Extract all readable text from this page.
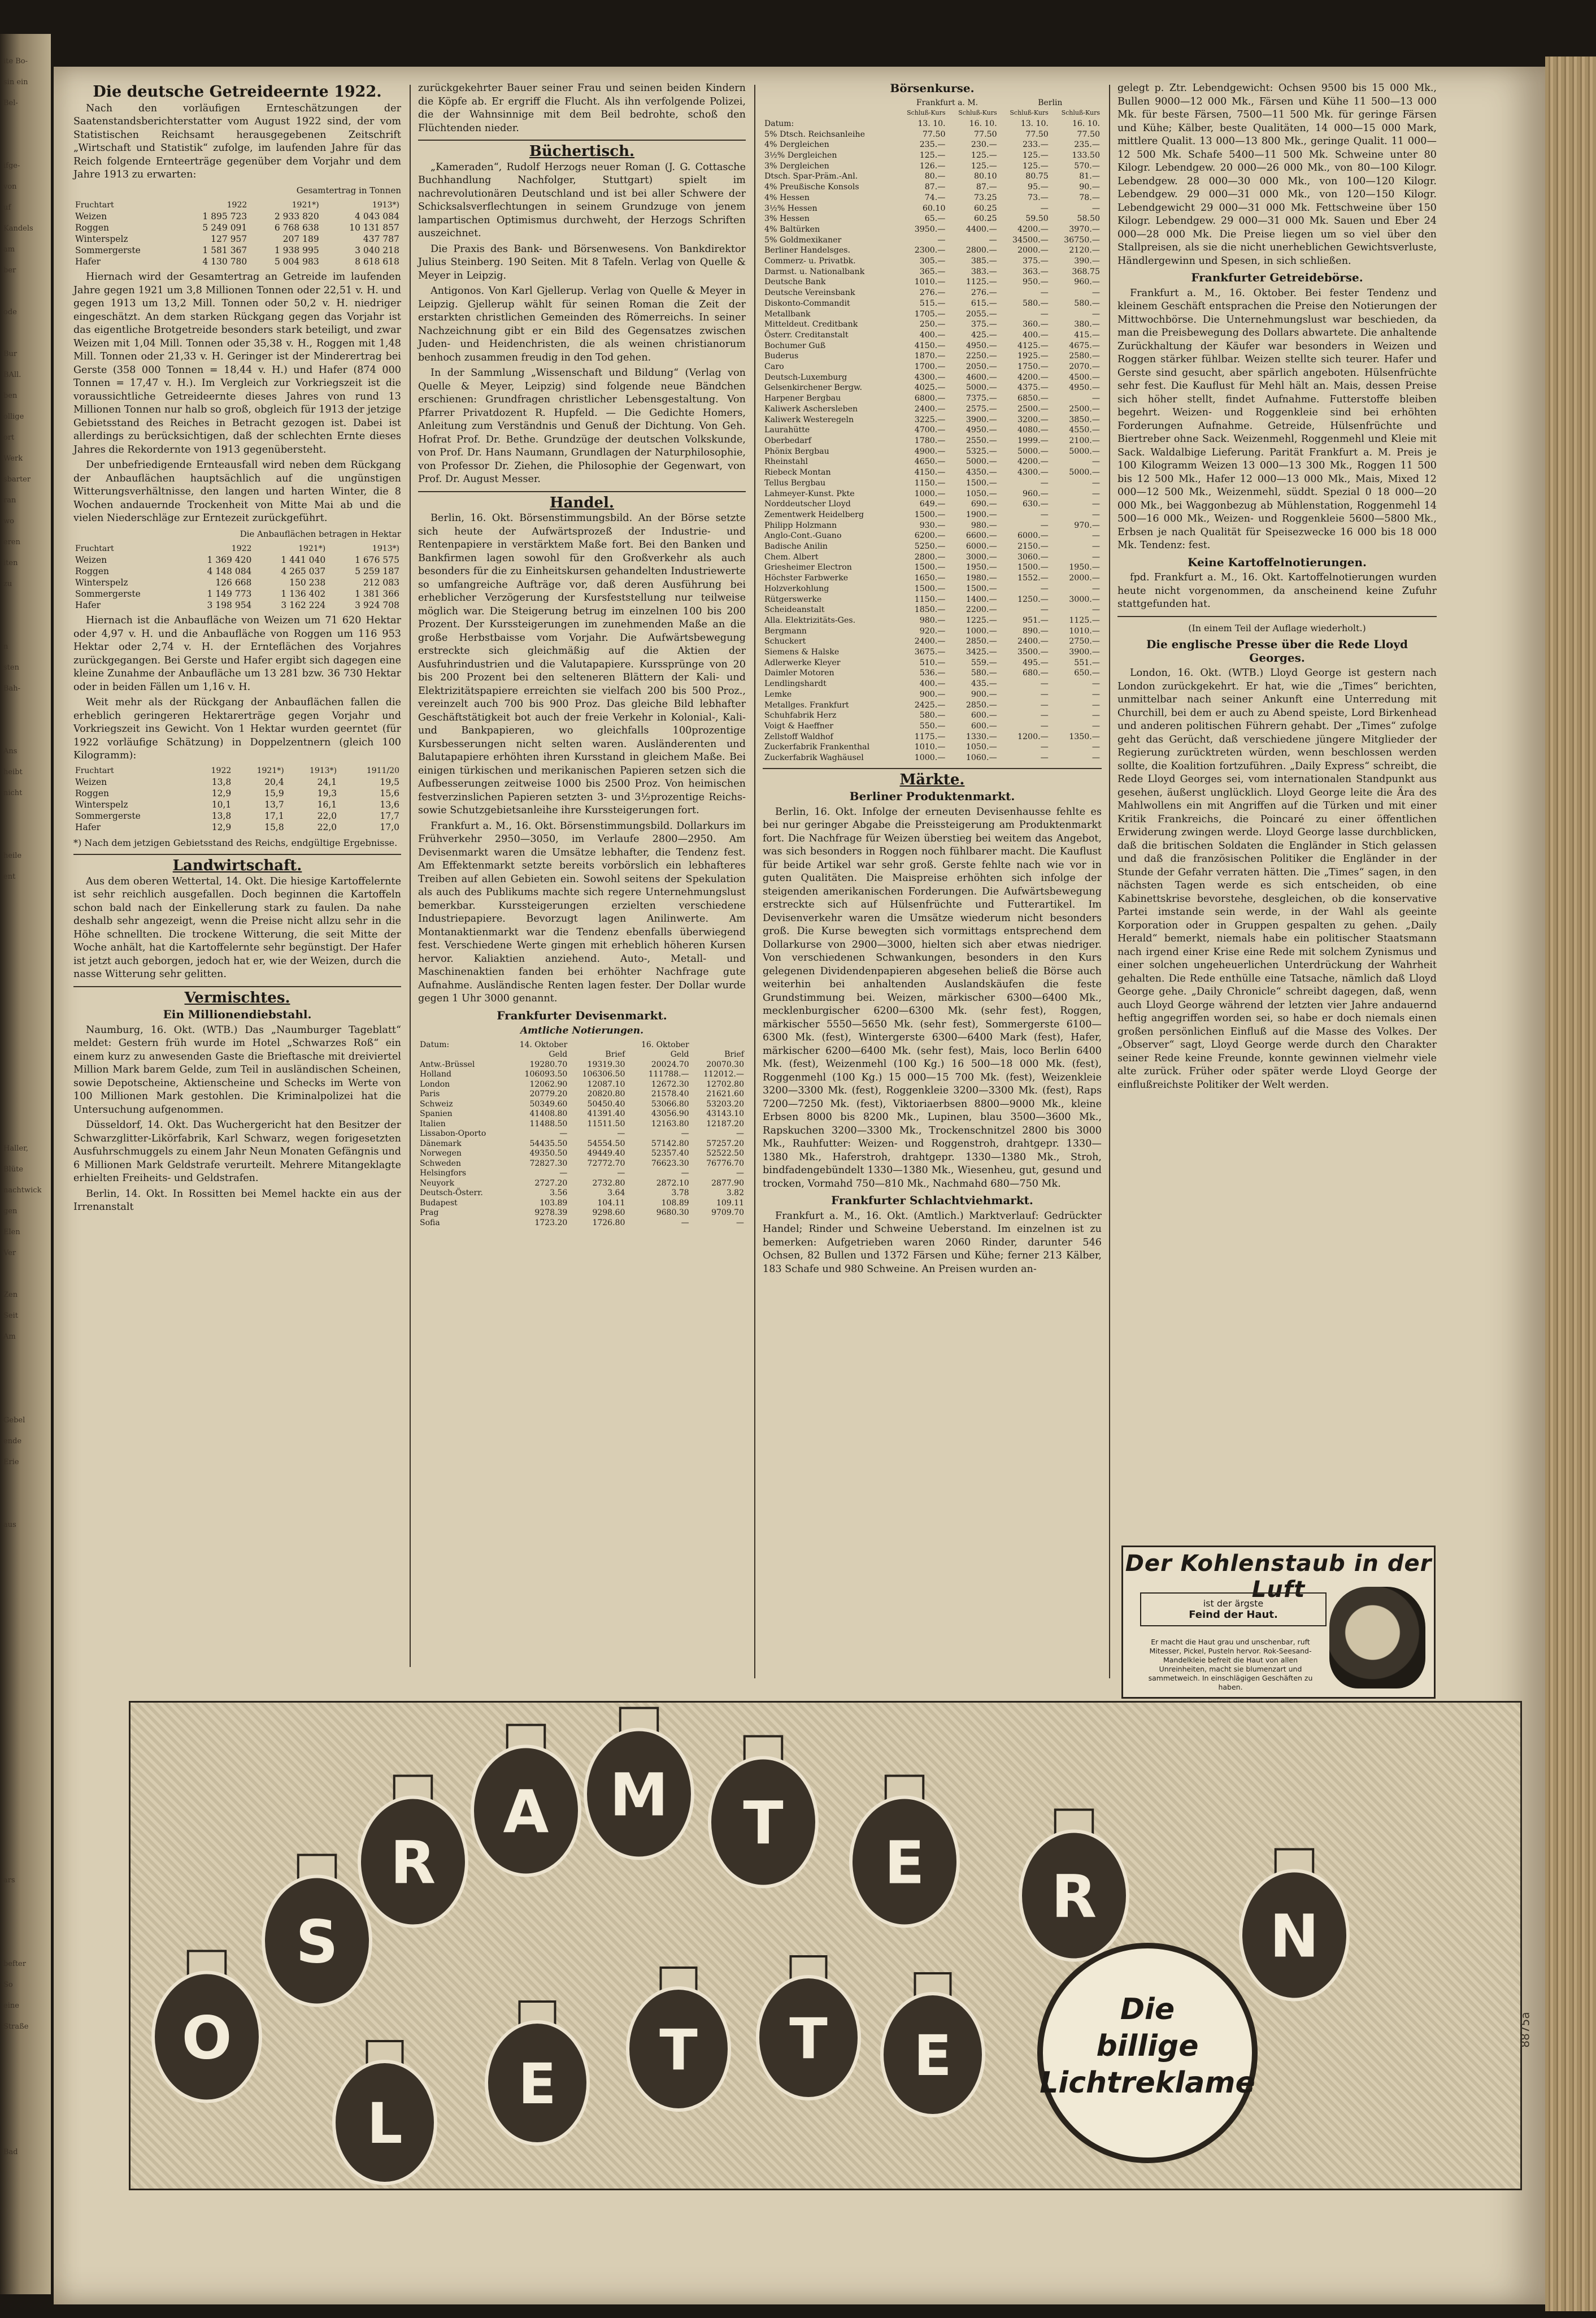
ite Bo-
sin ein
Bel-
ifge-
von
uf
Kandels
am
ber
ode
Bur
BAll.
ben
ollige
ort
Werk
sbarter
ran
wo
eren
iten
zu
n
sten
Bah-
Ans
heibt
nicht
heile
ent
Haller,
Blüte
nachtwick
gen
Elen
Ver
Zen
Seit
Am
Gebel
ende
Erie
aus
ars
befter
So
eine
Straße
Bad
Die deutsche Getreideernte 1922.

Nach den vorläufigen Ernteschätzungen der Saatenstandsberichterstatter vom August 1922 sind, der vom Statistischen Reichsamt herausgegebenen Zeitschrift „Wirtschaft und Statistik“ zufolge, im laufenden Jahre für das Reich folgende Ernteerträge gegenüber dem Vorjahr und dem Jahre 1913 zu erwarten:

Gesamtertrag in Tonnen
Fruchtart	1922	1921*)	1913*)
Weizen	1 895 723	2 933 820	4 043 084
Roggen	5 249 091	6 768 638	10 131 857
Winterspelz	127 957	207 189	437 787
Sommergerste	1 581 367	1 938 995	3 040 218
Hafer	4 130 780	5 004 983	8 618 618

Hiernach wird der Gesamtertrag an Getreide im laufenden Jahre gegen 1921 um 3,8 Millionen Tonnen oder 22,51 v. H. und gegen 1913 um 13,2 Mill. Tonnen oder 50,2 v. H. niedriger eingeschätzt. An dem starken Rückgang gegen das Vorjahr ist das eigentliche Brotgetreide besonders stark beteiligt, und zwar Weizen mit 1,04 Mill. Tonnen oder 35,38 v. H., Roggen mit 1,48 Mill. Tonnen oder 21,33 v. H. Geringer ist der Minderertrag bei Gerste (358 000 Tonnen = 18,44 v. H.) und Hafer (874 000 Tonnen = 17,47 v. H.). Im Vergleich zur Vorkriegszeit ist die voraussichtliche Getreideernte dieses Jahres von rund 13 Millionen Tonnen nur halb so groß, obgleich für 1913 der jetzige Gebietsstand des Reiches in Betracht gezogen ist. Dabei ist allerdings zu berücksichtigen, daß der schlechten Ernte dieses Jahres die Rekordernte von 1913 gegenübersteht.

Der unbefriedigende Ernteausfall wird neben dem Rückgang der Anbauflächen hauptsächlich auf die ungünstigen Witterungsverhältnisse, den langen und harten Winter, die 8 Wochen andauernde Trockenheit von Mitte Mai ab und die vielen Niederschläge zur Erntezeit zurückgeführt.

Die Anbauflächen betragen in Hektar
Fruchtart	1922	1921*)	1913*)
Weizen	1 369 420	1 441 040	1 676 575
Roggen	4 148 084	4 265 037	5 259 187
Winterspelz	126 668	150 238	212 083
Sommergerste	1 149 773	1 136 402	1 381 366
Hafer	3 198 954	3 162 224	3 924 708

Hiernach ist die Anbaufläche von Weizen um 71 620 Hektar oder 4,97 v. H. und die Anbaufläche von Roggen um 116 953 Hektar oder 2,74 v. H. der Ernteflächen des Vorjahres zurückgegangen. Bei Gerste und Hafer ergibt sich dagegen eine kleine Zunahme der Anbaufläche um 13 281 bzw. 36 730 Hektar oder in beiden Fällen um 1,16 v. H.

Weit mehr als der Rückgang der Anbauflächen fallen die erheblich geringeren Hektarerträge gegen Vorjahr und Vorkriegszeit ins Gewicht. Von 1 Hektar wurden geerntet (für 1922 vorläufige Schätzung) in Doppelzentnern (gleich 100 Kilogramm):

Fruchtart	1922	1921*)	1913*)	1911/20
Weizen	13,8	20,4	24,1	19,5
Roggen	12,9	15,9	19,3	15,6
Winterspelz	10,1	13,7	16,1	13,6
Sommergerste	13,8	17,1	22,0	17,7
Hafer	12,9	15,8	22,0	17,0
*) Nach dem jetzigen Gebietsstand des Reichs, endgültige Ergebnisse.
Landwirtschaft.

Aus dem oberen Wettertal, 14. Okt. Die hiesige Kartoffelernte ist sehr reichlich ausgefallen. Doch beginnen die Kartoffeln schon bald nach der Einkellerung stark zu faulen. Da nahe deshalb sehr angezeigt, wenn die Preise nicht allzu sehr in die Höhe schnellten. Die trockene Witterung, die seit Mitte der Woche anhält, hat die Kartoffelernte sehr begünstigt. Der Hafer ist jetzt auch geborgen, jedoch hat er, wie der Weizen, durch die nasse Witterung sehr gelitten.

Vermischtes.
Ein Millionendiebstahl.

Naumburg, 16. Okt. (WTB.) Das „Naumburger Tageblatt“ meldet: Gestern früh wurde im Hotel „Schwarzes Roß“ ein einem kurz zu anwesenden Gaste die Brieftasche mit dreiviertel Million Mark barem Gelde, zum Teil in ausländischen Scheinen, sowie Depotscheine, Aktienscheine und Schecks im Werte von 100 Millionen Mark gestohlen. Die Kriminalpolizei hat die Untersuchung aufgenommen.

Düsseldorf, 14. Okt. Das Wuchergericht hat den Besitzer der Schwarzglitter-Likörfabrik, Karl Schwarz, wegen forigesetzten Ausfuhrschmuggels zu einem Jahr Neun Monaten Gefängnis und 6 Millionen Mark Geldstrafe verurteilt. Mehrere Mitangeklagte erhielten Freiheits- und Geldstrafen.

Berlin, 14. Okt. In Rossitten bei Memel hackte ein aus der Irrenanstalt

zurückgekehrter Bauer seiner Frau und seinen beiden Kindern die Köpfe ab. Er ergriff die Flucht. Als ihn verfolgende Polizei, die der Wahnsinnige mit dem Beil bedrohte, schoß den Flüchtenden nieder.

Büchertisch.

„Kameraden“, Rudolf Herzogs neuer Roman (J. G. Cottasche Buchhandlung Nachfolger, Stuttgart) spielt im nachrevolutionären Deutschland und ist bei aller Schwere der Schicksalsverflechtungen in seinem Grundzuge von jenem lampartischen Optimismus durchweht, der Herzogs Schriften auszeichnet.

Die Praxis des Bank- und Börsenwesens. Von Bankdirektor Julius Steinberg. 190 Seiten. Mit 8 Tafeln. Verlag von Quelle & Meyer in Leipzig.

Antigonos. Von Karl Gjellerup. Verlag von Quelle & Meyer in Leipzig. Gjellerup wählt für seinen Roman die Zeit der erstarkten christlichen Gemeinden des Römerreichs. In seiner Nachzeichnung gibt er ein Bild des Gegensatzes zwischen Juden- und Heidenchristen, die als weinen christianorum benhoch zusammen freudig in den Tod gehen.

In der Sammlung „Wissenschaft und Bildung“ (Verlag von Quelle & Meyer, Leipzig) sind folgende neue Bändchen erschienen: Grundfragen christlicher Lebensgestaltung. Von Pfarrer Privatdozent R. Hupfeld. — Die Gedichte Homers, Anleitung zum Verständnis und Genuß der Dichtung. Von Geh. Hofrat Prof. Dr. Bethe. Grundzüge der deutschen Volkskunde, von Prof. Dr. Hans Naumann, Grundlagen der Naturphilosophie, von Professor Dr. Ziehen, die Philosophie der Gegenwart, von Prof. Dr. August Messer.

Handel.

Berlin, 16. Okt. Börsenstimmungsbild. An der Börse setzte sich heute der Aufwärtsprozeß der Industrie- und Rentenpapiere in verstärktem Maße fort. Bei den Banken und Bankfirmen lagen sowohl für den Großverkehr als auch besonders für die zu Einheitskursen gehandelten Industriewerte so umfangreiche Aufträge vor, daß deren Ausführung bei erheblicher Verzögerung der Kursfeststellung nur teilweise möglich war. Die Steigerung betrug im einzelnen 100 bis 200 Prozent. Der Kurssteigerungen im zunehmenden Maße an die große Herbstbaisse vom Vorjahr. Die Aufwärtsbewegung erstreckte sich gleichmäßig auf die Aktien der Ausfuhrindustrien und die Valutapapiere. Kurssprünge von 20 bis 200 Prozent bei den selteneren Blättern der Kali- und Elektrizitätspapiere erreichten sie vielfach 200 bis 500 Proz., vereinzelt auch 700 bis 900 Proz. Das gleiche Bild lebhafter Geschäftstätigkeit bot auch der freie Verkehr in Kolonial-, Kali- und Bankpapieren, wo gleichfalls 100prozentige Kursbesserungen nicht selten waren. Ausländerenten und Balutapapiere erhöhten ihren Kursstand in gleichem Maße. Bei einigen türkischen und merikanischen Papieren setzen sich die Aufbesserungen zeitweise 1000 bis 2500 Proz. Von heimischen festverzinslichen Papieren setzten 3- und 3½prozentige Reichs- sowie Schutzgebietsanleihe ihre Kurssteigerungen fort.

Frankfurt a. M., 16. Okt. Börsenstimmungsbild. Dollarkurs im Frühverkehr 2950—3050, im Verlaufe 2800—2950. Am Devisenmarkt waren die Umsätze lebhafter, die Tendenz fest. Am Effektenmarkt setzte bereits vorbörslich ein lebhafteres Treiben auf allen Gebieten ein. Sowohl seitens der Spekulation als auch des Publikums machte sich regere Unternehmungslust bemerkbar. Kurssteigerungen erzielten verschiedene Industriepapiere. Bevorzugt lagen Anilinwerte. Am Montanaktienmarkt war die Tendenz ebenfalls überwiegend fest. Verschiedene Werte gingen mit erheblich höheren Kursen hervor. Kaliaktien anziehend. Auto-, Metall- und Maschinenaktien fanden bei erhöhter Nachfrage gute Aufnahme. Ausländische Renten lagen fester. Der Dollar wurde gegen 1 Uhr 3000 genannt.

Frankfurter Devisenmarkt.
Amtliche Notierungen.
Datum:	14. Oktober		16. Oktober	
	Geld	Brief	Geld	Brief
Antw.-Brüssel	19280.70	19319.30	20024.70	20070.30
Holland	106093.50	106306.50	111788.—	112012.—
London	12062.90	12087.10	12672.30	12702.80
Paris	20779.20	20820.80	21578.40	21621.60
Schweiz	50349.60	50450.40	53066.80	53203.20
Spanien	41408.80	41391.40	43056.90	43143.10
Italien	11488.50	11511.50	12163.80	12187.20
Lissabon-Oporto	—	—	—	—
Dänemark	54435.50	54554.50	57142.80	57257.20
Norwegen	49350.50	49449.40	52357.40	52522.50
Schweden	72827.30	72772.70	76623.30	76776.70
Helsingfors	—	—	—	—
Neuyork	2727.20	2732.80	2872.10	2877.90
Deutsch-Österr.	3.56	3.64	3.78	3.82
Budapest	103.89	104.11	108.89	109.11
Prag	9278.39	9298.60	9680.30	9709.70
Sofia	1723.20	1726.80	—	—
Börsenkurse.
	Frankfurt a. M.		Berlin	
	Schluß-Kurs	Schluß-Kurs	Schluß-Kurs	Schluß-Kurs
Datum:	13. 10.	16. 10.	13. 10.	16. 10.
5% Dtsch. Reichsanleihe	77.50	77.50	77.50	77.50
4% Dergleichen	235.—	230.—	233.—	235.—
3½% Dergleichen	125.—	125.—	125.—	133.50
3% Dergleichen	126.—	125.—	125.—	570.—
Dtsch. Spar-Präm.-Anl.	80.—	80.10	80.75	81.—
4% Preußische Konsols	87.—	87.—	95.—	90.—
4% Hessen	74.—	73.25	73.—	78.—
3½% Hessen	60.10	60.25	—	—
3% Hessen	65.—	60.25	59.50	58.50
4% Baltürken	3950.—	4400.—	4200.—	3970.—
5% Goldmexikaner	—	—	34500.—	36750.—
Berliner Handelsges.	2300.—	2800.—	2000.—	2120.—
Commerz- u. Privatbk.	305.—	385.—	375.—	390.—
Darmst. u. Nationalbank	365.—	383.—	363.—	368.75
Deutsche Bank	1010.—	1125.—	950.—	960.—
Deutsche Vereinsbank	276.—	276.—	—	—
Diskonto-Commandit	515.—	615.—	580.—	580.—
Metallbank	1705.—	2055.—	—	—
Mitteldeut. Creditbank	250.—	375.—	360.—	380.—
Österr. Creditanstalt	400.—	425.—	400.—	415.—
Bochumer Guß	4150.—	4950.—	4125.—	4675.—
Buderus	1870.—	2250.—	1925.—	2580.—
Caro	1700.—	2050.—	1750.—	2070.—
Deutsch-Luxemburg	4300.—	4600.—	4200.—	4500.—
Gelsenkirchener Bergw.	4025.—	5000.—	4375.—	4950.—
Harpener Bergbau	6800.—	7375.—	6850.—	—
Kaliwerk Aschersleben	2400.—	2575.—	2500.—	2500.—
Kaliwerk Westeregeln	3225.—	3900.—	3200.—	3850.—
Laurahütte	4700.—	4950.—	4080.—	4550.—
Oberbedarf	1780.—	2550.—	1999.—	2100.—
Phönix Bergbau	4900.—	5325.—	5000.—	5000.—
Rheinstahl	4650.—	5000.—	4200.—	—
Riebeck Montan	4150.—	4350.—	4300.—	5000.—
Tellus Bergbau	1150.—	1500.—	—	—
Lahmeyer-Kunst. Pkte	1000.—	1050.—	960.—	—
Norddeutscher Lloyd	649.—	690.—	630.—	—
Zementwerk Heidelberg	1500.—	1900.—	—	—
Philipp Holzmann	930.—	980.—	—	970.—
Anglo-Cont.-Guano	6200.—	6600.—	6000.—	—
Badische Anilin	5250.—	6000.—	2150.—	—
Chem. Albert	2800.—	3000.—	3060.—	—
Griesheimer Electron	1500.—	1950.—	1500.—	1950.—
Höchster Farbwerke	1650.—	1980.—	1552.—	2000.—
Holzverkohlung	1500.—	1500.—	—	—
Rütgerswerke	1150.—	1400.—	1250.—	3000.—
Scheideanstalt	1850.—	2200.—	—	—
Alla. Elektrizitäts-Ges.	980.—	1225.—	951.—	1125.—
Bergmann	920.—	1000.—	890.—	1010.—
Schuckert	2400.—	2850.—	2400.—	2750.—
Siemens & Halske	3675.—	3425.—	3500.—	3900.—
Adlerwerke Kleyer	510.—	559.—	495.—	551.—
Daimler Motoren	536.—	580.—	680.—	650.—
Lendlingshardt	400.—	435.—	—	—
Lemke	900.—	900.—	—	—
Metallges. Frankfurt	2425.—	2850.—	—	—
Schuhfabrik Herz	580.—	600.—	—	—
Voigt & Haeffner	550.—	600.—	—	—
Zellstoff Waldhof	1175.—	1330.—	1200.—	1350.—
Zuckerfabrik Frankenthal	1010.—	1050.—	—	—
Zuckerfabrik Waghäusel	1000.—	1060.—	—	—
Märkte.
Berliner Produktenmarkt.

Berlin, 16. Okt. Infolge der erneuten Devisenhausse fehlte es bei nur geringer Abgabe die Preissteigerung am Produktenmarkt fort. Die Nachfrage für Weizen überstieg bei weitem das Angebot, was sich besonders in Roggen noch fühlbarer macht. Die Kauflust für beide Artikel war sehr groß. Gerste fehlte nach wie vor in guten Qualitäten. Die Maispreise erhöhten sich infolge der steigenden amerikanischen Forderungen. Die Aufwärtsbewegung erstreckte sich auf Hülsenfrüchte und Futterartikel. Im Devisenverkehr waren die Umsätze wiederum nicht besonders groß. Die Kurse bewegten sich vormittags entsprechend dem Dollarkurse von 2900—3000, hielten sich aber etwas niedriger. Von verschiedenen Schwankungen, besonders in den Kurs gelegenen Dividendenpapieren abgesehen beließ die Börse auch weiterhin bei anhaltenden Auslandskäufen die feste Grundstimmung bei. Weizen, märkischer 6300—6400 Mk., mecklenburgischer 6200—6300 Mk. (sehr fest), Roggen, märkischer 5550—5650 Mk. (sehr fest), Sommergerste 6100—6300 Mk. (fest), Wintergerste 6300—6400 Mark (fest), Hafer, märkischer 6200—6400 Mk. (sehr fest), Mais, loco Berlin 6400 Mk. (fest), Weizenmehl (100 Kg.) 16 500—18 000 Mk. (fest), Roggenmehl (100 Kg.) 15 000—15 700 Mk. (fest), Weizenkleie 3200—3300 Mk. (fest), Roggenkleie 3200—3300 Mk. (fest), Raps 7200—7250 Mk. (fest), Viktoriaerbsen 8800—9000 Mk., kleine Erbsen 8000 bis 8200 Mk., Lupinen, blau 3500—3600 Mk., Rapskuchen 3200—3300 Mk., Trockenschnitzel 2800 bis 3000 Mk., Rauhfutter: Weizen- und Roggenstroh, drahtgepr. 1330—1380 Mk., Haferstroh, drahtgepr. 1330—1380 Mk., Stroh, bindfadengebündelt 1330—1380 Mk., Wiesenheu, gut, gesund und trocken, Vormahd 750—810 Mk., Nachmahd 680—750 Mk.

Frankfurter Schlachtviehmarkt.

Frankfurt a. M., 16. Okt. (Amtlich.) Marktverlauf: Gedrückter Handel; Rinder und Schweine Ueberstand. Im einzelnen ist zu bemerken: Aufgetrieben waren 2060 Rinder, darunter 546 Ochsen, 82 Bullen und 1372 Färsen und Kühe; ferner 213 Kälber, 183 Schafe und 980 Schweine. An Preisen wurden an-

gelegt p. Ztr. Lebendgewicht: Ochsen 9500 bis 15 000 Mk., Bullen 9000—12 000 Mk., Färsen und Kühe 11 500—13 000 Mk. für beste Färsen, 7500—11 500 Mk. für geringe Färsen und Kühe; Kälber, beste Qualitäten, 14 000—15 000 Mark, mittlere Qualit. 13 000—13 800 Mk., geringe Qualit. 11 000—12 500 Mk. Schafe 5400—11 500 Mk. Schweine unter 80 Kilogr. Lebendgew. 20 000—26 000 Mk., von 80—100 Kilogr. Lebendgew. 28 000—30 000 Mk., von 100—120 Kilogr. Lebendgew. 29 000—31 000 Mk., von 120—150 Kilogr. Lebendgewicht 29 000—31 000 Mk. Fettschweine über 150 Kilogr. Lebendgew. 29 000—31 000 Mk. Sauen und Eber 24 000—28 000 Mk. Die Preise liegen um so viel über den Stallpreisen, als sie die nicht unerheblichen Gewichtsverluste, Händlergewinn und Spesen, in sich schließen.

Frankfurter Getreidebörse.

Frankfurt a. M., 16. Oktober. Bei fester Tendenz und kleinem Geschäft entsprachen die Preise den Notierungen der Mittwochbörse. Die Unternehmungslust war beschieden, da man die Preisbewegung des Dollars abwartete. Die anhaltende Zurückhaltung der Käufer war besonders in Weizen und Roggen stärker fühlbar. Weizen stellte sich teurer. Hafer und Gerste sind gesucht, aber spärlich angeboten. Hülsenfrüchte sehr fest. Die Kauflust für Mehl hält an. Mais, dessen Preise sich höher stellt, findet Aufnahme. Futterstoffe bleiben begehrt. Weizen- und Roggenkleie sind bei erhöhten Forderungen Aufnahme. Getreide, Hülsenfrüchte und Biertreber ohne Sack. Weizenmehl, Roggenmehl und Kleie mit Sack. Waldalbige Lieferung. Parität Frankfurt a. M. Preis je 100 Kilogramm Weizen 13 000—13 300 Mk., Roggen 11 500 bis 12 500 Mk., Hafer 12 000—13 000 Mk., Mais, Mixed 12 000—12 500 Mk., Weizenmehl, süddt. Spezial 0 18 000—20 000 Mk., bei Waggonbezug ab Mühlenstation, Roggenmehl 14 500—16 000 Mk., Weizen- und Roggenkleie 5600—5800 Mk., Erbsen je nach Qualität für Speisezwecke 16 000 bis 18 000 Mk. Tendenz: fest.

Keine Kartoffelnotierungen.

fpd. Frankfurt a. M., 16. Okt. Kartoffelnotierungen wurden heute nicht vorgenommen, da anscheinend keine Zufuhr stattgefunden hat.

(In einem Teil der Auflage wiederholt.)
Die englische Presse über die Rede Lloyd Georges.

London, 16. Okt. (WTB.) Lloyd George ist gestern nach London zurückgekehrt. Er hat, wie die „Times“ berichten, unmittelbar nach seiner Ankunft eine Unterredung mit Churchill, bei dem er auch zu Abend speiste, Lord Birkenhead und anderen politischen Führern gehabt. Der „Times“ zufolge geht das Gerücht, daß verschiedene jüngere Mitglieder der Regierung zurücktreten würden, wenn beschlossen werden sollte, die Koalition fortzuführen. „Daily Express“ schreibt, die Rede Lloyd Georges sei, vom internationalen Standpunkt aus gesehen, äußerst unglücklich. Lloyd George leite die Ära des Mahlwollens ein mit Angriffen auf die Türken und mit einer Kritik Frankreichs, die Poincaré zu einer öffentlichen Erwiderung zwingen werde. Lloyd George lasse durchblicken, daß die britischen Soldaten die Engländer in Stich gelassen und daß die französischen Politiker die Engländer in der Stunde der Gefahr verraten hätten. Die „Times“ sagen, in den nächsten Tagen werde es sich entscheiden, ob eine Kabinettskrise bevorstehe, desgleichen, ob die konservative Partei imstande sein werde, in der Wahl als geeinte Korporation oder in Gruppen gespalten zu gehen. „Daily Herald“ bemerkt, niemals habe ein politischer Staatsmann nach irgend einer Krise eine Rede mit solchem Zynismus und einer solchen ungeheuerlichen Unterdrückung der Wahrheit gehalten. Die Rede enthülle eine Tatsache, nämlich daß Lloyd George gehe. „Daily Chronicle“ schreibt dagegen, daß, wenn auch Lloyd George während der letzten vier Jahre andauernd heftig angegriffen worden sei, so habe er doch niemals einen großen persönlichen Einfluß auf die Masse des Volkes. Der „Observer“ sagt, Lloyd George werde durch den Charakter seiner Rede keine Freunde, konnte gewinnen vielmehr viele alte zurück. Früher oder später werde Lloyd George der einflußreichste Politiker der Welt werden.

Der Kohlenstaub in der Luft
ist der ärgste
Feind der Haut.
Er macht die Haut grau und unschenbar, ruft Mitesser, Pickel, Pusteln hervor. Rok-Seesand-Mandelkleie befreit die Haut von allen Unreinheiten, macht sie blumenzart und sammetweich. In einschlägigen Geschäften zu haben.
O
S
R
A M T
E R
N
L
E
T T E
Die
billige
Lichtreklame
8875a
